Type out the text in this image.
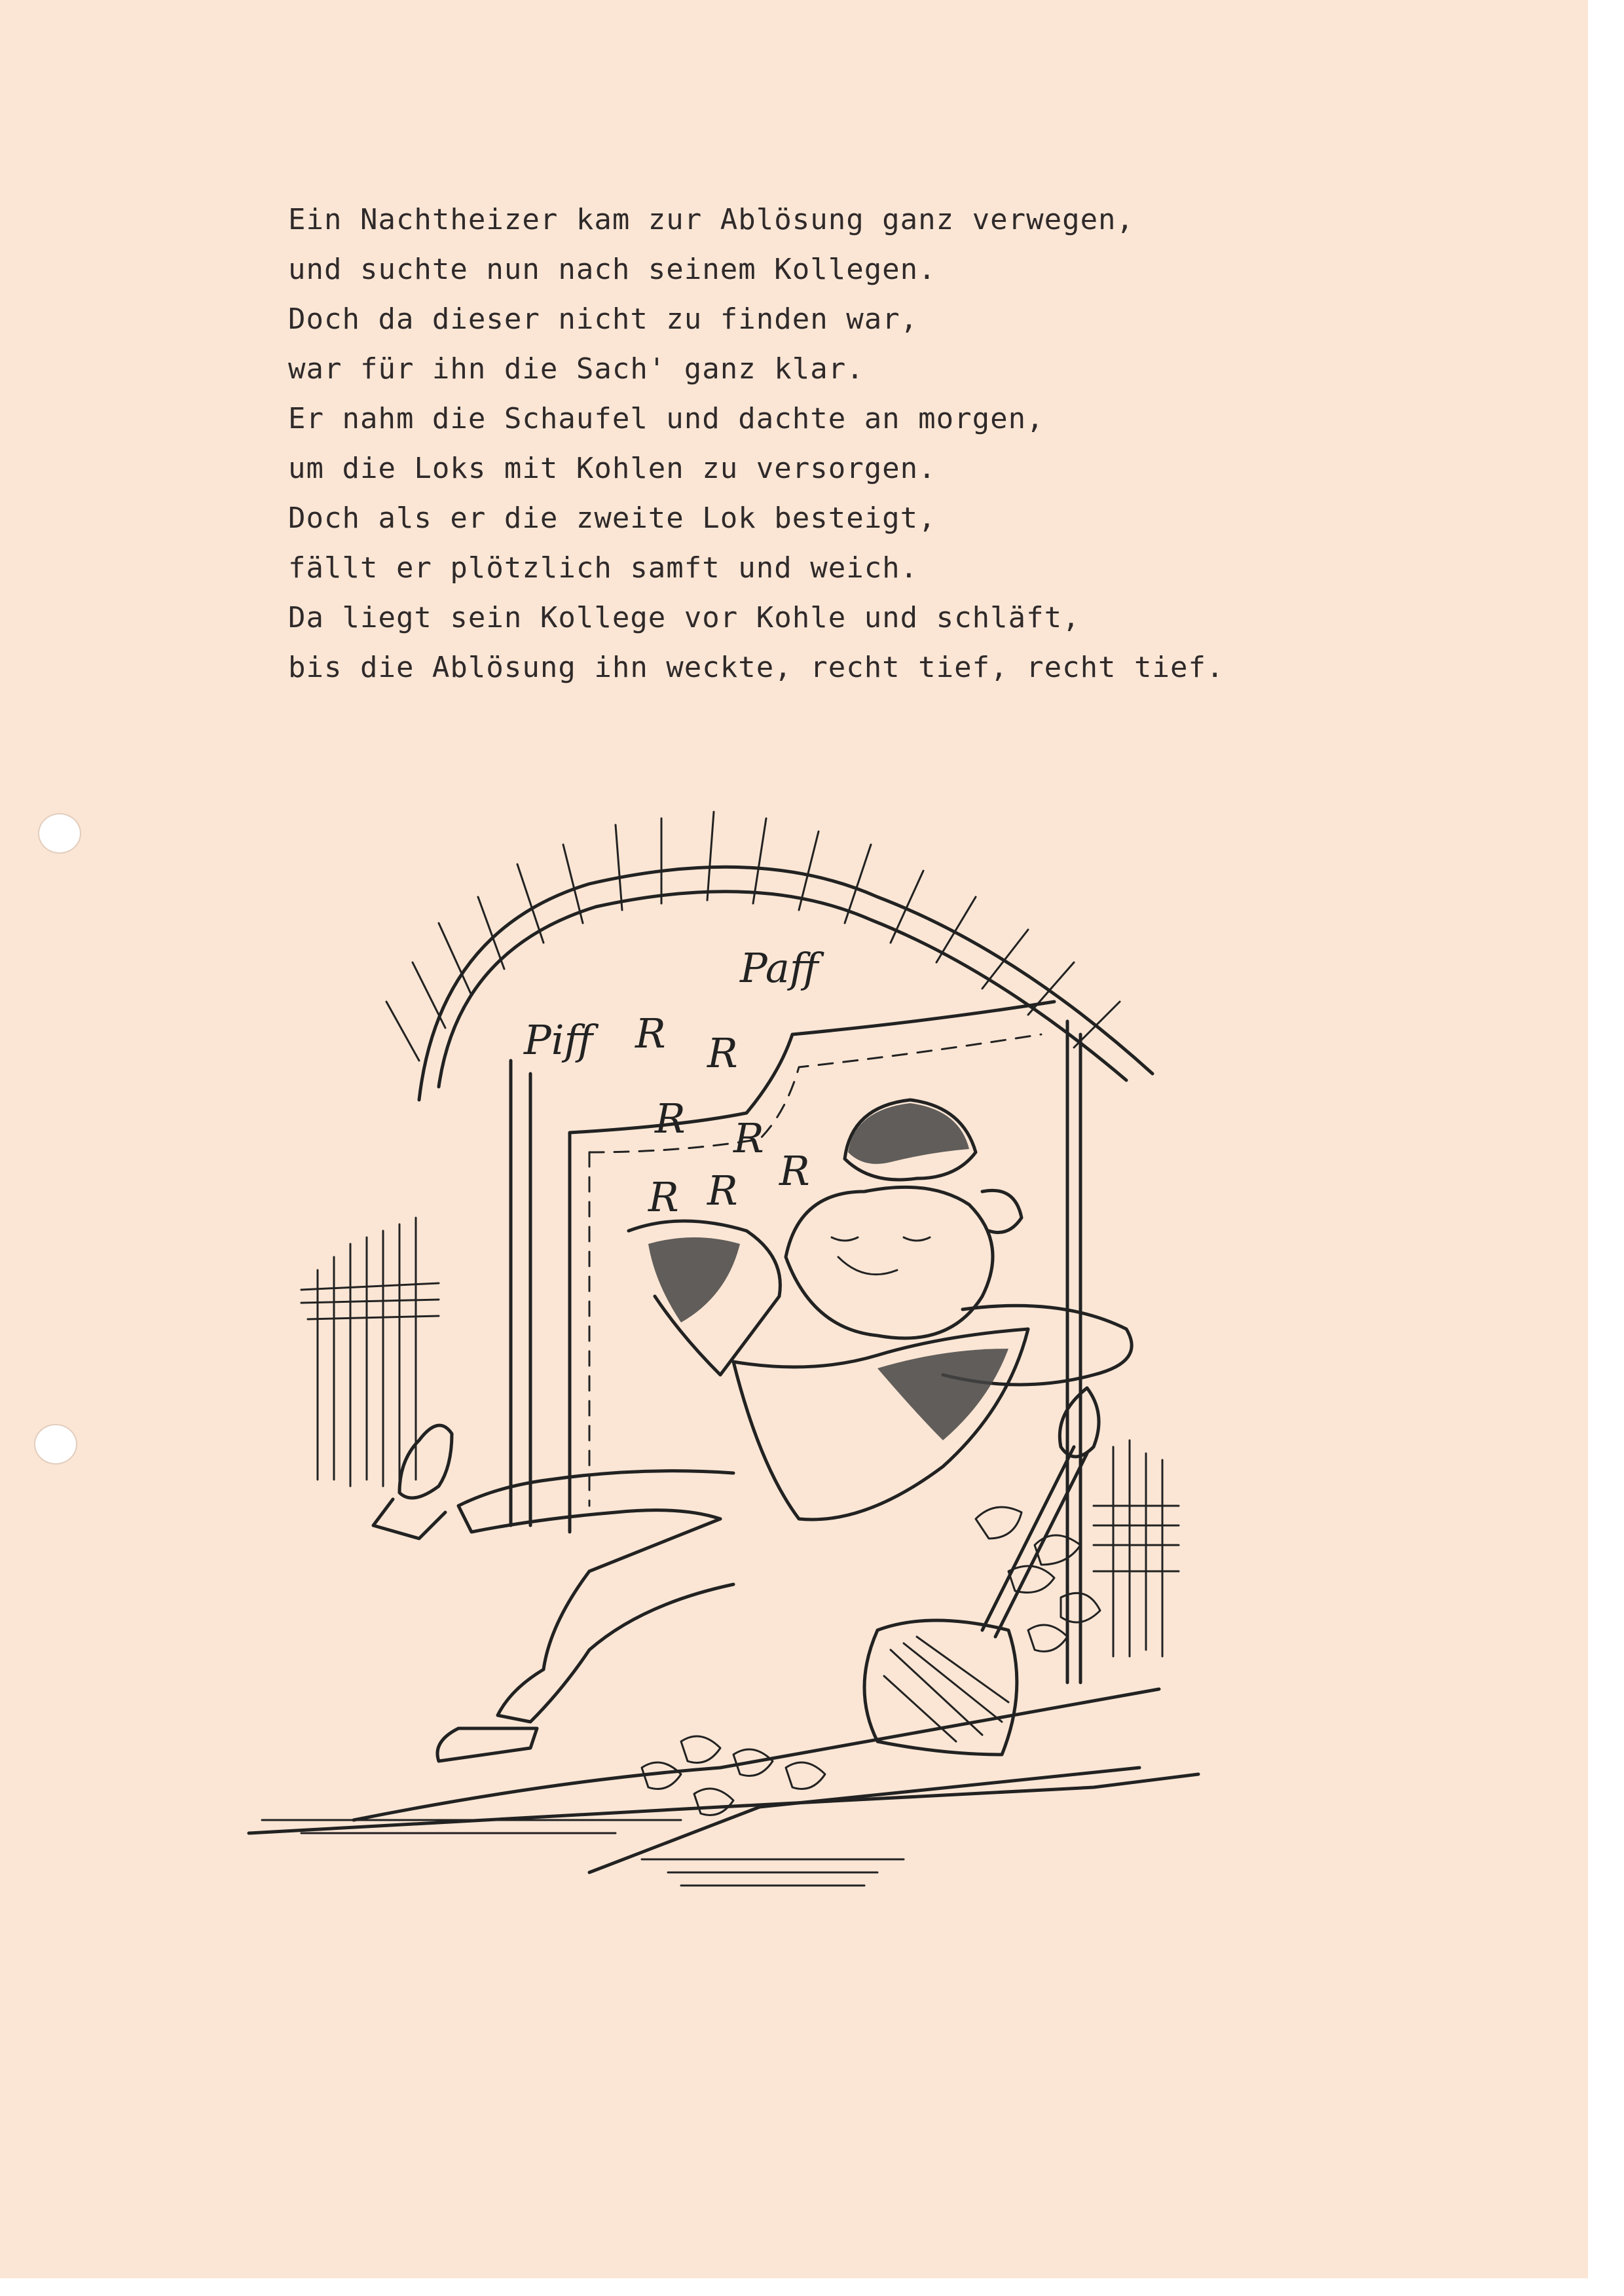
Ein Nachtheizer kam zur Ablösung ganz verwegen,
und suchte nun nach seinem Kollegen.
Doch da dieser nicht zu finden war,
war für ihn die Sach' ganz klar.
Er nahm die Schaufel und dachte an morgen,
um die Loks mit Kohlen zu versorgen.
Doch als er die zweite Lok besteigt,
fällt er plötzlich samft und weich.
Da liegt sein Kollege vor Kohle und schläft,
bis die Ablösung ihn weckte, recht tief, recht tief.
Piff R R
Paff
R
R
R R
R
